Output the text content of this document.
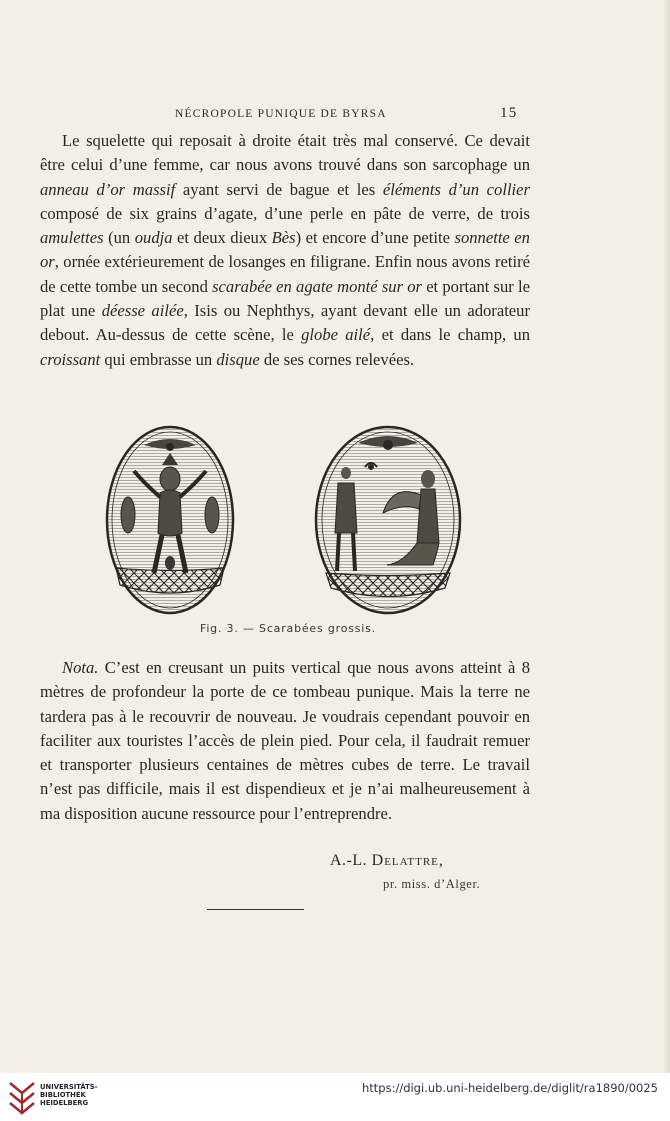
NÉCROPOLE PUNIQUE DE BYRSA	15

Le squelette qui reposait à droite était très mal conservé. Ce devait être celui d’une femme, car nous avons trouvé dans son sarcophage un anneau d’or massif ayant servi de bague et les éléments d’un collier composé de six grains d’agate, d’une perle en pâte de verre, de trois amulettes (un oudja et deux dieux Bès) et encore d’une petite sonnette en or, ornée extérieurement de losanges en filigrane. Enfin nous avons retiré de cette tombe un second scarabée en agate monté sur or et portant sur le plat une déesse ailée, Isis ou Nephthys, ayant devant elle un adorateur debout. Au-dessus de cette scène, le globe ailé, et dans le champ, un croissant qui embrasse un disque de ses cornes relevées.

Fig. 3. — Scarabées grossis.

Nota. C’est en creusant un puits vertical que nous avons atteint à 8 mètres de profondeur la porte de ce tombeau punique. Mais la terre ne tardera pas à le recouvrir de nouveau. Je voudrais cependant pouvoir en faciliter aux touristes l’accès de plein pied. Pour cela, il faudrait remuer et transporter plusieurs centaines de mètres cubes de terre. Le travail n’est pas difficile, mais il est dispendieux et je n’ai malheureusement à ma disposition aucune ressource pour l’entreprendre.

A.-L. Delattre,
pr. miss. d’Alger.
UNIVERSITÄTS-
BIBLIOTHEK
HEIDELBERG
https://digi.ub.uni-heidelberg.de/diglit/ra1890/0025
